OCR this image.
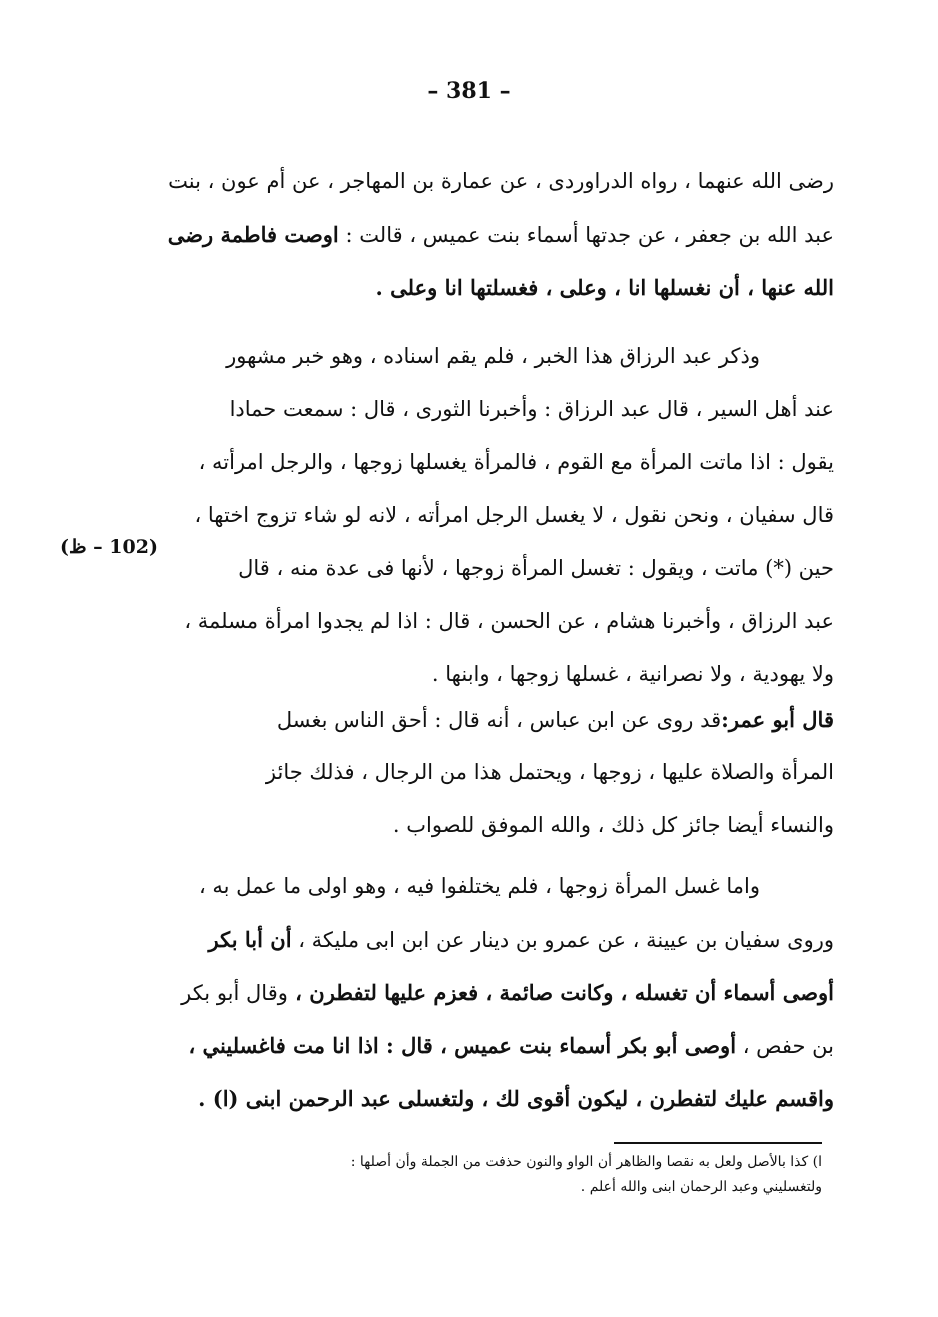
– 381 –
رضى الله عنهما ، رواه الدراوردى ، عن عمارة بن المهاجر ، عن أم عون ، بنت
عبد الله بن جعفر ، عن جدتها أسماء بنت عميس ، قالت : اوصت فاطمة رضى
الله عنها ، أن نغسلها انا ، وعلى ، فغسلتها انا وعلى .
وذكر عبد الرزاق هذا الخبر ، فلم يقم اسناده ، وهو خبر مشهور
عند أهل السير ، قال عبد الرزاق : وأخبرنا الثورى ، قال : سمعت حمادا
يقول : اذا ماتت المرأة مع القوم ، فالمرأة يغسلها زوجها ، والرجل امرأته ،
قال سفيان ، ونحن نقول ، لا يغسل الرجل امرأته ، لانه لو شاء تزوج اختها ،
حين (*) ماتت ، ويقول : تغسل المرأة زوجها ، لأنها فى عدة منه ، قال
عبد الرزاق ، وأخبرنا هشام ، عن الحسن ، قال : اذا لم يجدوا امرأة مسلمة ،
ولا يهودية ، ولا نصرانية ، غسلها زوجها ، وابنها .
(102 – ظ)
قال أبو عمر:قد روى عن ابن عباس ، أنه قال : أحق الناس بغسل
المرأة والصلاة عليها ، زوجها ، ويحتمل هذا من الرجال ، فذلك جائز
والنساء أيضا جائز كل ذلك ، والله الموفق للصواب .
واما غسل المرأة زوجها ، فلم يختلفوا فيه ، وهو اولى ما عمل به ،
وروى سفيان بن عيينة ، عن عمرو بن دينار عن ابن ابى مليكة ، أن أبا بكر
أوصى أسماء أن تغسله ، وكانت صائمة ، فعزم عليها لتفطرن ، وقال أبو بكر
بن حفص ، أوصى أبو بكر أسماء بنت عميس ، قال : اذا انا مت فاغسليني ،
واقسم عليك لتفطرن ، ليكون أقوى لك ، ولتغسلى عبد الرحمن ابنى (ا) .
ا) كذا بالأصل ولعل به نقصا والظاهر أن الواو والنون حذفت من الجملة وأن أصلها :
ولتغسليني وعبد الرحمان ابنى والله أعلم .
